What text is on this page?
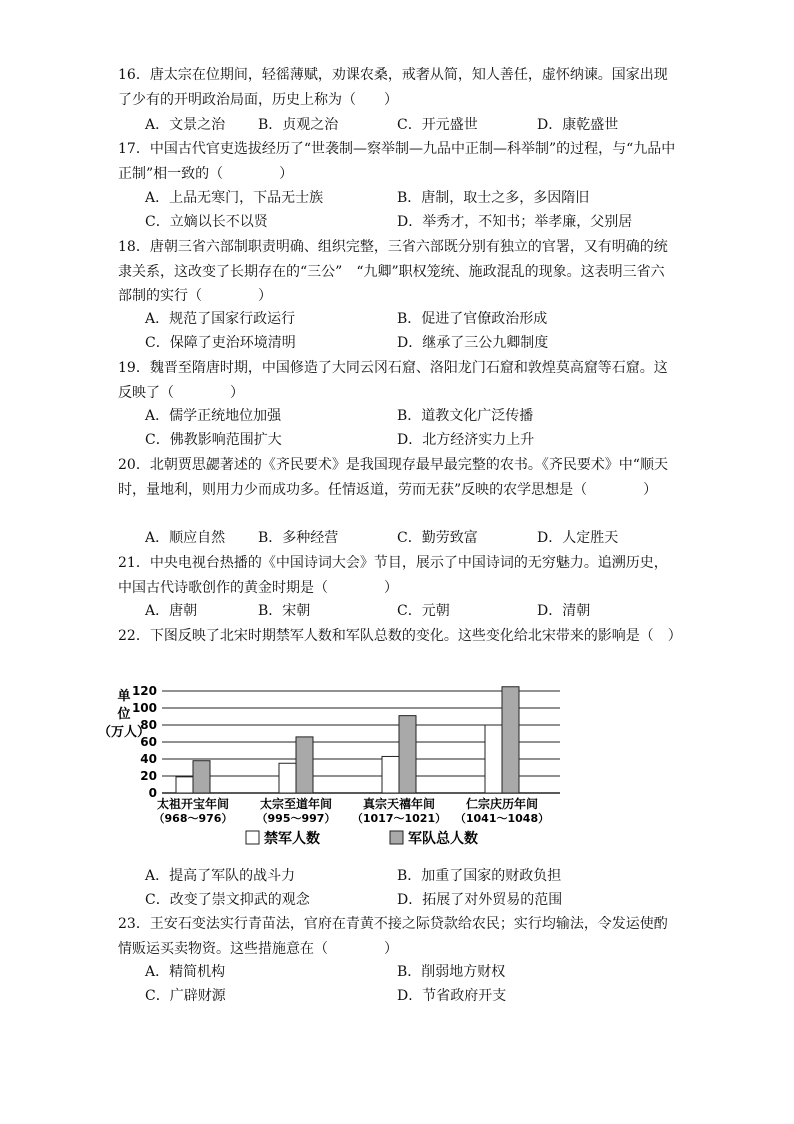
16．唐太宗在位期间，轻徭薄赋，劝课农桑，戒奢从简，知人善任，虚怀纳谏。国家出现了少有的开明政治局面，历史上称为（　　）
A．文景之治 B．贞观之治	C．开元盛世	D．康乾盛世
17．中国古代官吏选拔经历了“世袭制—察举制—九品中正制—科举制”的过程，与“九品中正制”相一致的（　　　　）
A．上品无寒门，下品无士族	B．唐制，取士之多，多因隋旧
C．立嫡以长不以贤	D．举秀才，不知书；举孝廉，父别居
18．唐朝三省六部制职责明确、组织完整，三省六部既分别有独立的官署，又有明确的统隶关系，这改变了长期存在的“三公”　“九卿”职权笼统、施政混乱的现象。这表明三省六部制的实行（　　　　）
A．规范了国家行政运行	B．促进了官僚政治形成
C．保障了吏治环境清明	D．继承了三公九卿制度
19．魏晋至隋唐时期，中国修造了大同云冈石窟、洛阳龙门石窟和敦煌莫高窟等石窟。这反映了（　　　　）
A．儒学正统地位加强	B．道教文化广泛传播
C．佛教影响范围扩大	D．北方经济实力上升
20．北朝贾思勰著述的《齐民要术》是我国现存最早最完整的农书。《齐民要术》中“顺天时，量地利，则用力少而成功多。任情返道，劳而无获”反映的农学思想是（　　　　）
A．顺应自然 B．多种经营	C．勤劳致富	D．人定胜天
21．中央电视台热播的《中国诗词大会》节目，展示了中国诗词的无穷魅力。追溯历史，中国古代诗歌创作的黄金时期是（　　　　）
A．唐朝	B．宋朝	C．元朝	D．清朝
22．下图反映了北宋时期禁军人数和军队总数的变化。这些变化给北宋带来的影响是（　）
0
20
40
60
80
100
120
太祖开宝年间
（968～976）
太宗至道年间
（995～997）
真宗天禧年间
（1017～1021）
仁宗庆历年间
（1041～1048）
单
位
（万人）
禁军人数	军队总人数
A．提高了军队的战斗力	B．加重了国家的财政负担
C．改变了崇文抑武的观念	D．拓展了对外贸易的范围
23．王安石变法实行青苗法，官府在青黄不接之际贷款给农民；实行均输法，令发运使酌情贩运买卖物资。这些措施意在（　　　　）
A．精简机构	B．削弱地方财权
C．广辟财源	D．节省政府开支
